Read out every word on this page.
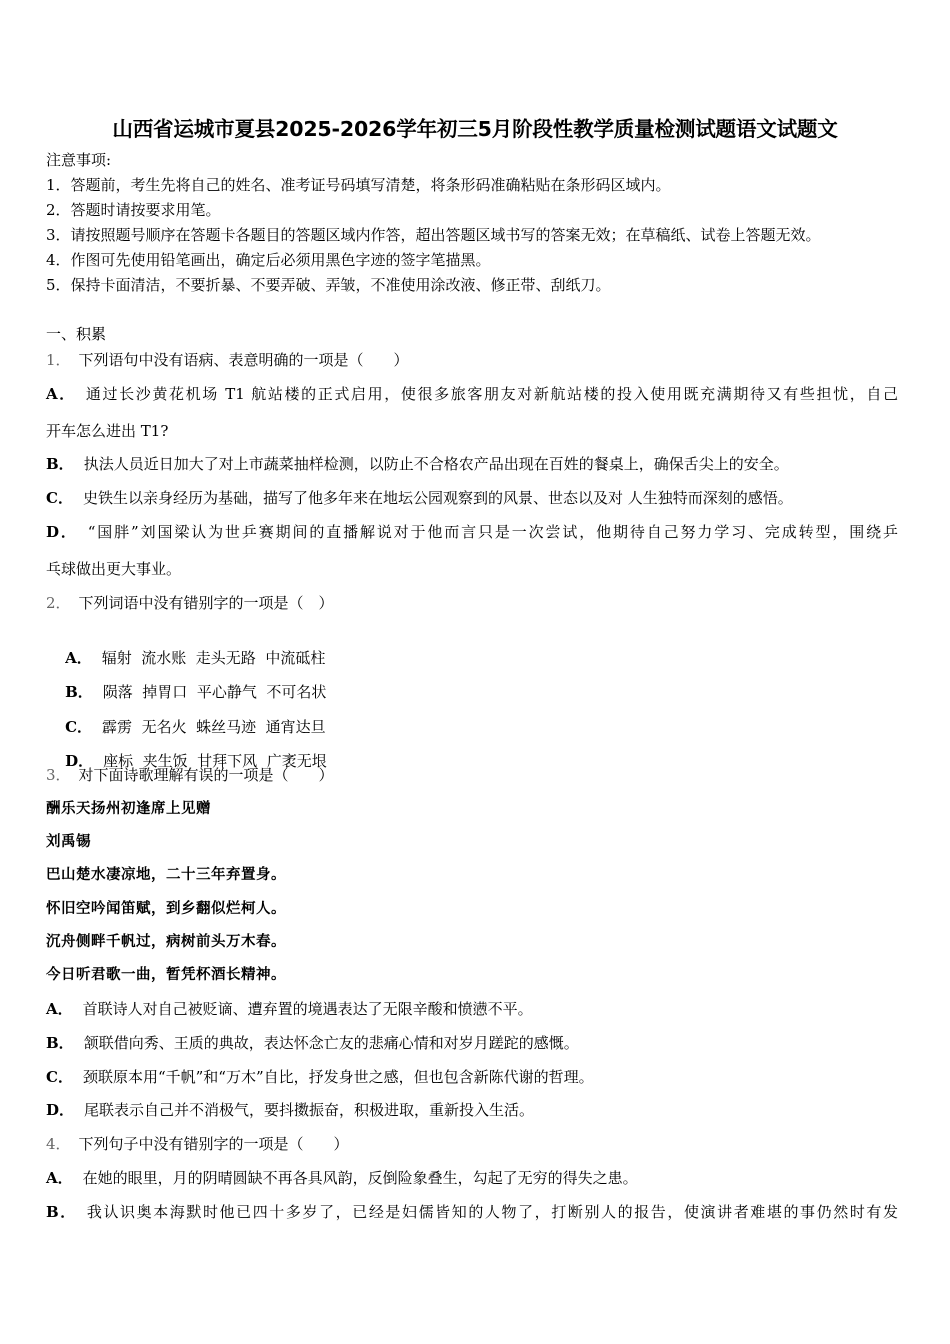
山西省运城市夏县2025-2026学年初三5月阶段性教学质量检测试题语文试题文
注意事项:
1．答题前，考生先将自己的姓名、准考证号码填写清楚，将条形码准确粘贴在条形码区域内。
2．答题时请按要求用笔。
3．请按照题号顺序在答题卡各题目的答题区域内作答，超出答题区域书写的答案无效；在草稿纸、试卷上答题无效。
4．作图可先使用铅笔画出，确定后必须用黑色字迹的签字笔描黑。
5．保持卡面清洁，不要折暴、不要弄破、弄皱，不准使用涂改液、修正带、刮纸刀。
一、积累
1． 下列语句中没有语病、表意明确的一项是（　　）
A． 通过长沙黄花机场 T1 航站楼的正式启用，使很多旅客朋友对新航站楼的投入使用既充满期待又有些担忧，自己
开车怎么进出 T1?
B． 执法人员近日加大了对上市蔬菜抽样检测，以防止不合格农产品出现在百姓的餐桌上，确保舌尖上的安全。
C． 史铁生以亲身经历为基础，描写了他多年来在地坛公园观察到的风景、世态以及对 人生独特而深刻的感悟。
D． “国胖”刘国梁认为世乒赛期间的直播解说对于他而言只是一次尝试，他期待自己努力学习、完成转型，围绕乒
乓球做出更大事业。
2． 下列词语中没有错别字的一项是（　）

A． 辐射  流水账  走头无路  中流砥柱

B． 陨落  掉胃口  平心静气  不可名状

C． 霹雳  无名火  蛛丝马迹  通宵达旦

D． 座标  夹生饭  甘拜下风  广袤无垠

3． 对下面诗歌理解有误的一项是（　　）
酬乐天扬州初逢席上见赠
刘禹锡
巴山楚水凄凉地，二十三年弃置身。
怀旧空吟闻笛赋，到乡翻似烂柯人。
沉舟侧畔千帆过，病树前头万木春。
今日听君歌一曲，暂凭杯酒长精神。
A． 首联诗人对自己被贬谪、遭弃置的境遇表达了无限辛酸和愤懑不平。
B． 颔联借向秀、王质的典故，表达怀念亡友的悲痛心情和对岁月蹉跎的感慨。
C． 颈联原本用“千帆”和“万木”自比，抒发身世之感，但也包含新陈代谢的哲理。
D． 尾联表示自己并不消极气，要抖擞振奋，积极进取，重新投入生活。
4． 下列句子中没有错别字的一项是（　　）
A． 在她的眼里，月的阴晴圆缺不再各具风韵，反倒险象叠生，勾起了无穷的得失之患。
B． 我认识奥本海默时他已四十多岁了，已经是妇儒皆知的人物了，打断别人的报告，使演讲者难堪的事仍然时有发
